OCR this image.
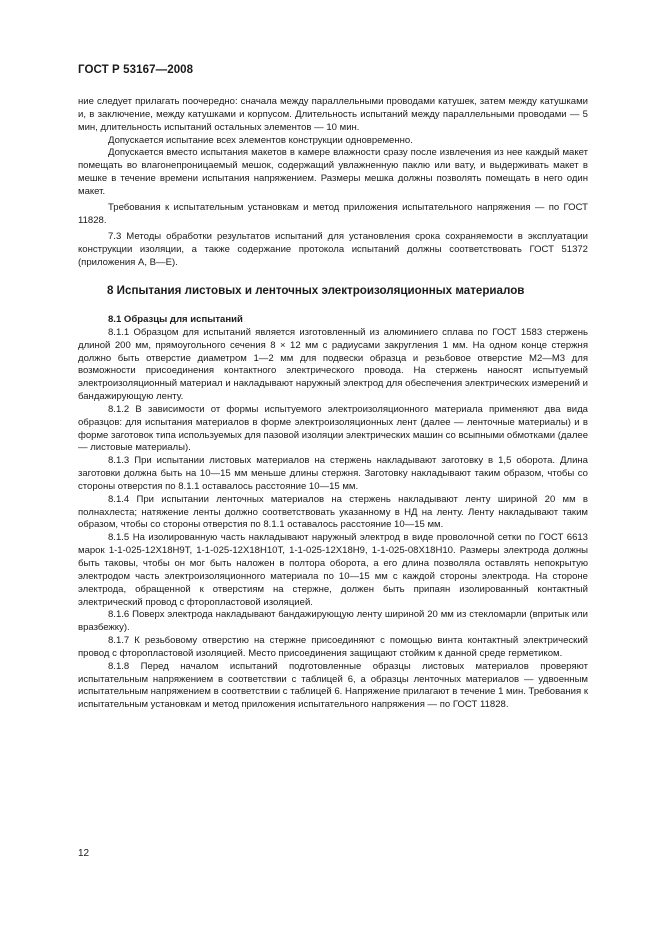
ГОСТ Р 53167—2008

ние следует прилагать поочередно: сначала между параллельными проводами катушек, затем между катушками и, в заключение, между катушками и корпусом. Длительность испытаний между параллельными проводами — 5 мин, длительность испытаний остальных элементов — 10 мин.

Допускается испытание всех элементов конструкции одновременно.

Допускается вместо испытания макетов в камере влажности сразу после извлечения из нее каждый макет помещать во влагонепроницаемый мешок, содержащий увлажненную паклю или вату, и выдерживать макет в мешке в течение времени испытания напряжением. Размеры мешка должны позволять помещать в него один макет.

Требования к испытательным установкам и метод приложения испытательного напряжения — по ГОСТ 11828.

7.3 Методы обработки результатов испытаний для установления срока сохраняемости в эксплуатации конструкции изоляции, а также содержание протокола испытаний должны соответствовать ГОСТ 51372 (приложения А, В—Е).

8 Испытания листовых и ленточных электроизоляционных материалов

8.1 Образцы для испытаний

8.1.1 Образцом для испытаний является изготовленный из алюминиего сплава по ГОСТ 1583 стержень длиной 200 мм, прямоугольного сечения 8 × 12 мм с радиусами закругления 1 мм. На одном конце стержня должно быть отверстие диаметром 1—2 мм для подвески образца и резьбовое отверстие М2—М3 для возможности присоединения контактного электрического провода. На стержень наносят испытуемый электроизоляционный материал и накладывают наружный электрод для обеспечения электрических измерений и бандажирующую ленту.

8.1.2 В зависимости от формы испытуемого электроизоляционного материала применяют два вида образцов: для испытания материалов в форме электроизоляционных лент (далее — ленточные материалы) и в форме заготовок типа используемых для пазовой изоляции электрических машин со всыпными обмотками (далее — листовые материалы).

8.1.3 При испытании листовых материалов на стержень накладывают заготовку в 1,5 оборота. Длина заготовки должна быть на 10—15 мм меньше длины стержня. Заготовку накладывают таким образом, чтобы со стороны отверстия по 8.1.1 оставалось расстояние 10—15 мм.

8.1.4 При испытании ленточных материалов на стержень накладывают ленту шириной 20 мм в полнахлеста; натяжение ленты должно соответствовать указанному в НД на ленту. Ленту накладывают таким образом, чтобы со стороны отверстия по 8.1.1 оставалось расстояние 10—15 мм.

8.1.5 На изолированную часть накладывают наружный электрод в виде проволочной сетки по ГОСТ 6613 марок 1-1-025-12Х18Н9Т, 1-1-025-12Х18Н10Т, 1-1-025-12Х18Н9, 1-1-025-08Х18Н10. Размеры электрода должны быть таковы, чтобы он мог быть наложен в полтора оборота, а его длина позволяла оставлять непокрытую электродом часть электроизоляционного материала по 10—15 мм с каждой стороны электрода. На стороне электрода, обращенной к отверстиям на стержне, должен быть припаян изолированный контактный электрический провод с фторопластовой изоляцией.

8.1.6 Поверх электрода накладывают бандажирующую ленту шириной 20 мм из стекломарли (впритык или вразбежку).

8.1.7 К резьбовому отверстию на стержне присоединяют с помощью винта контактный электрический провод с фторопластовой изоляцией. Место присоединения защищают стойким к данной среде герметиком.

8.1.8 Перед началом испытаний подготовленные образцы листовых материалов проверяют испытательным напряжением в соответствии с таблицей 6, а образцы ленточных материалов — удвоенным испытательным напряжением в соответствии с таблицей 6. Напряжение прилагают в течение 1 мин. Требования к испытательным установкам и метод приложения испытательного напряжения — по ГОСТ 11828.

12
